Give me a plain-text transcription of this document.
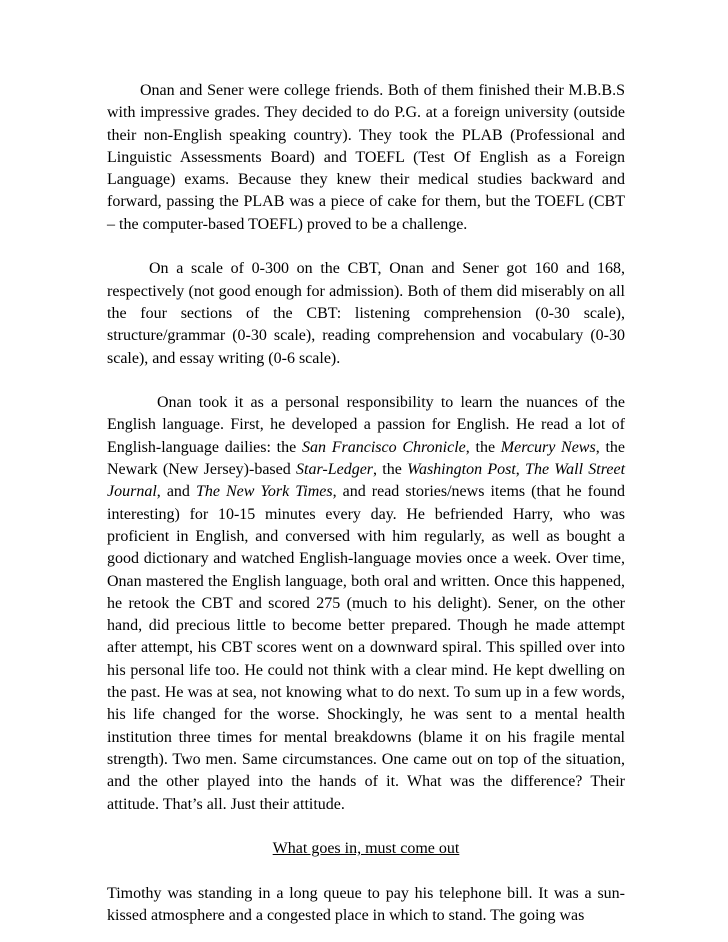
Onan and Sener were college friends. Both of them finished their M.B.B.S with impressive grades. They decided to do P.G. at a foreign university (outside their non-English speaking country). They took the PLAB (Professional and Linguistic Assessments Board) and TOEFL (Test Of English as a Foreign Language) exams. Because they knew their medical studies backward and forward, passing the PLAB was a piece of cake for them, but the TOEFL (CBT – the computer-based TOEFL) proved to be a challenge.

On a scale of 0-300 on the CBT, Onan and Sener got 160 and 168, respectively (not good enough for admission). Both of them did miserably on all the four sections of the CBT: listening comprehension (0-30 scale), structure/grammar (0-30 scale), reading comprehension and vocabulary (0-30 scale), and essay writing (0-6 scale).

Onan took it as a personal responsibility to learn the nuances of the English language. First, he developed a passion for English. He read a lot of English-language dailies: the San Francisco Chronicle, the Mercury News, the Newark (New Jersey)-based Star-Ledger, the Washington Post, The Wall Street Journal, and The New York Times, and read stories/news items (that he found interesting) for 10-15 minutes every day. He befriended Harry, who was proficient in English, and conversed with him regularly, as well as bought a good dictionary and watched English-language movies once a week. Over time, Onan mastered the English language, both oral and written. Once this happened, he retook the CBT and scored 275 (much to his delight). Sener, on the other hand, did precious little to become better prepared. Though he made attempt after attempt, his CBT scores went on a downward spiral. This spilled over into his personal life too. He could not think with a clear mind. He kept dwelling on the past. He was at sea, not knowing what to do next. To sum up in a few words, his life changed for the worse. Shockingly, he was sent to a mental health institution three times for mental breakdowns (blame it on his fragile mental strength). Two men. Same circumstances. One came out on top of the situation, and the other played into the hands of it. What was the difference? Their attitude. That’s all. Just their attitude.

What goes in, must come out

Timothy was standing in a long queue to pay his telephone bill. It was a sun-kissed atmosphere and a congested place in which to stand. The going was
